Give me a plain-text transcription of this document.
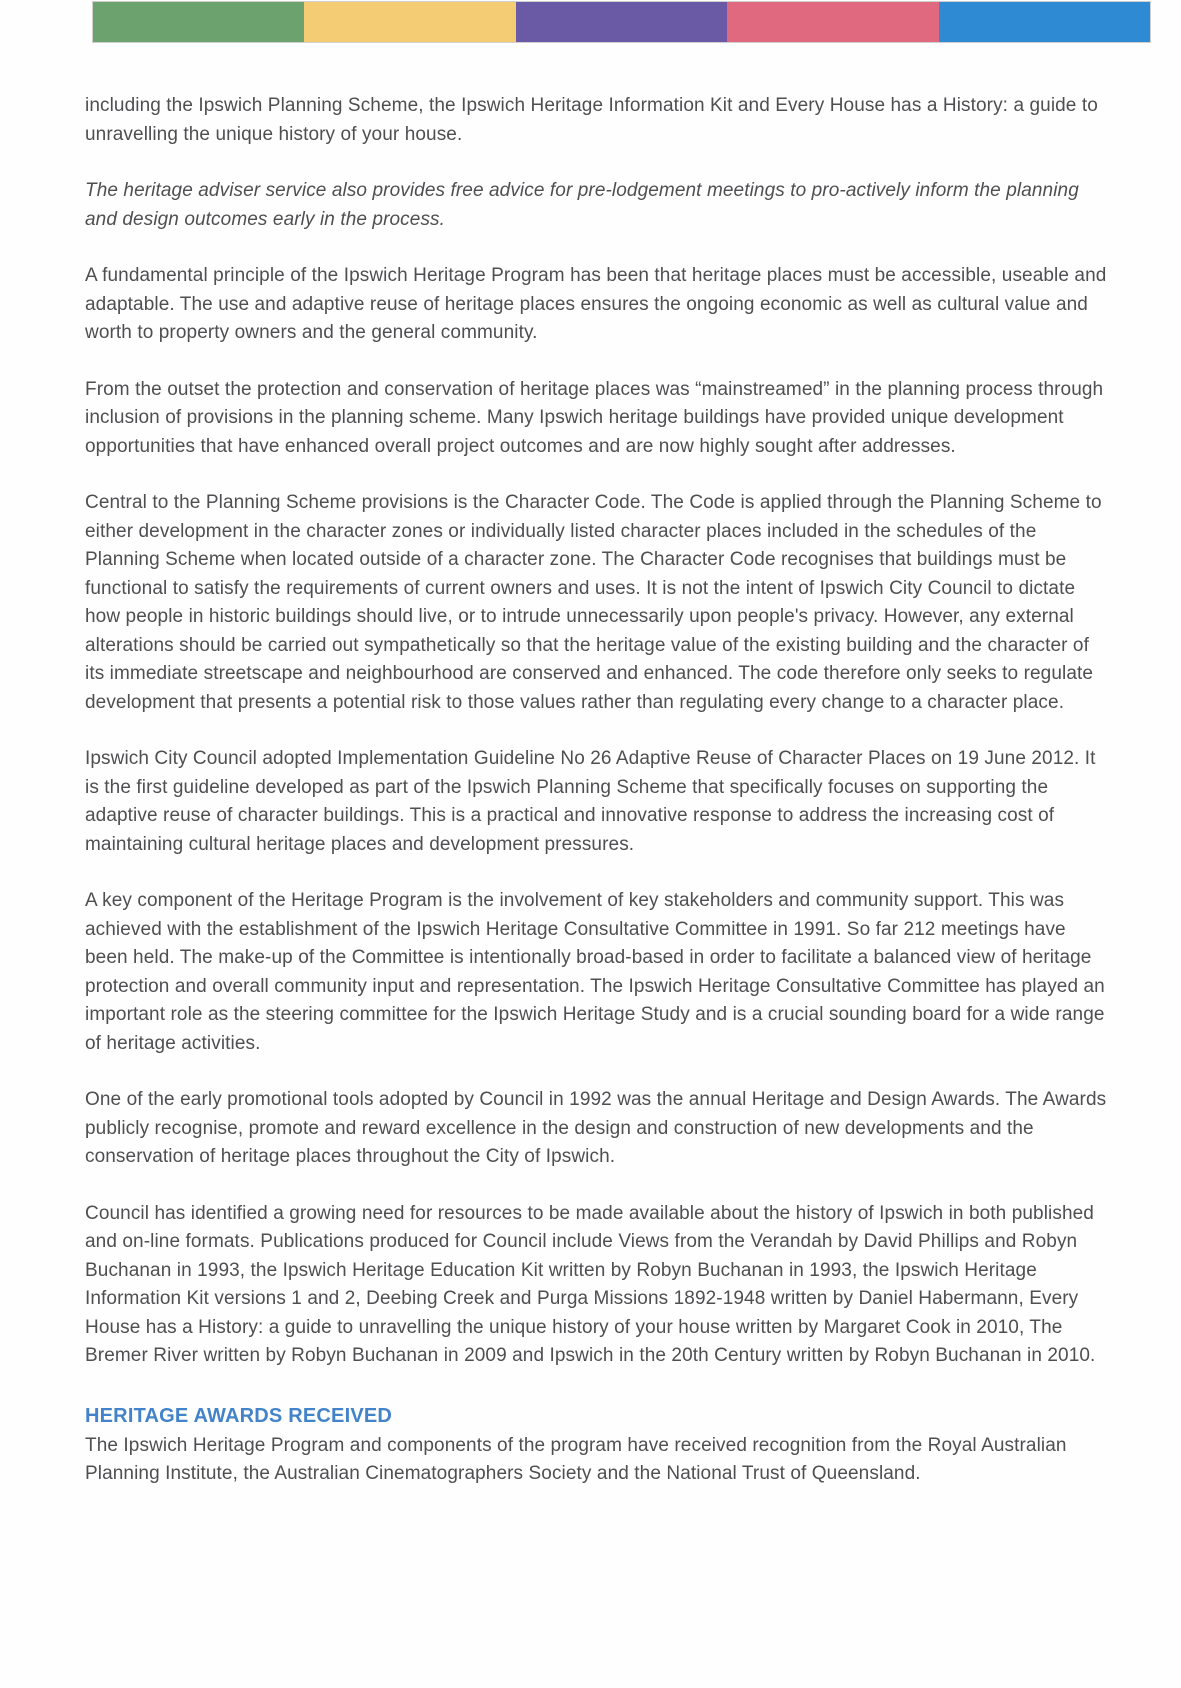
including the Ipswich Planning Scheme, the Ipswich Heritage Information Kit and Every House has a History: a guide to unravelling the unique history of your house.

The heritage adviser service also provides free advice for pre-lodgement meetings to pro-actively inform the planning and design outcomes early in the process.

A fundamental principle of the Ipswich Heritage Program has been that heritage places must be accessible, useable and adaptable. The use and adaptive reuse of heritage places ensures the ongoing economic as well as cultural value and worth to property owners and the general community.

From the outset the protection and conservation of heritage places was “mainstreamed” in the planning process through inclusion of provisions in the planning scheme. Many Ipswich heritage buildings have provided unique development opportunities that have enhanced overall project outcomes and are now highly sought after addresses.

Central to the Planning Scheme provisions is the Character Code. The Code is applied through the Planning Scheme to either development in the character zones or individually listed character places included in the schedules of the Planning Scheme when located outside of a character zone. The Character Code recognises that buildings must be functional to satisfy the requirements of current owners and uses. It is not the intent of Ipswich City Council to dictate how people in historic buildings should live, or to intrude unnecessarily upon people's privacy. However, any external alterations should be carried out sympathetically so that the heritage value of the existing building and the character of its immediate streetscape and neighbourhood are conserved and enhanced. The code therefore only seeks to regulate development that presents a potential risk to those values rather than regulating every change to a character place.

Ipswich City Council adopted Implementation Guideline No 26 Adaptive Reuse of Character Places on 19 June 2012. It is the first guideline developed as part of the Ipswich Planning Scheme that specifically focuses on supporting the adaptive reuse of character buildings. This is a practical and innovative response to address the increasing cost of maintaining cultural heritage places and development pressures.

A key component of the Heritage Program is the involvement of key stakeholders and community support. This was achieved with the establishment of the Ipswich Heritage Consultative Committee in 1991. So far 212 meetings have been held. The make-up of the Committee is intentionally broad-based in order to facilitate a balanced view of heritage protection and overall community input and representation. The Ipswich Heritage Consultative Committee has played an important role as the steering committee for the Ipswich Heritage Study and is a crucial sounding board for a wide range of heritage activities.

One of the early promotional tools adopted by Council in 1992 was the annual Heritage and Design Awards. The Awards publicly recognise, promote and reward excellence in the design and construction of new developments and the conservation of heritage places throughout the City of Ipswich.

Council has identified a growing need for resources to be made available about the history of Ipswich in both published and on-line formats. Publications produced for Council include Views from the Verandah by David Phillips and Robyn Buchanan in 1993, the Ipswich Heritage Education Kit written by Robyn Buchanan in 1993, the Ipswich Heritage Information Kit versions 1 and 2, Deebing Creek and Purga Missions 1892-1948 written by Daniel Habermann, Every House has a History: a guide to unravelling the unique history of your house written by Margaret Cook in 2010, The Bremer River written by Robyn Buchanan in 2009 and Ipswich in the 20th Century written by Robyn Buchanan in 2010.

HERITAGE AWARDS RECEIVED

The Ipswich Heritage Program and components of the program have received recognition from the Royal Australian Planning Institute, the Australian Cinematographers Society and the National Trust of Queensland.
